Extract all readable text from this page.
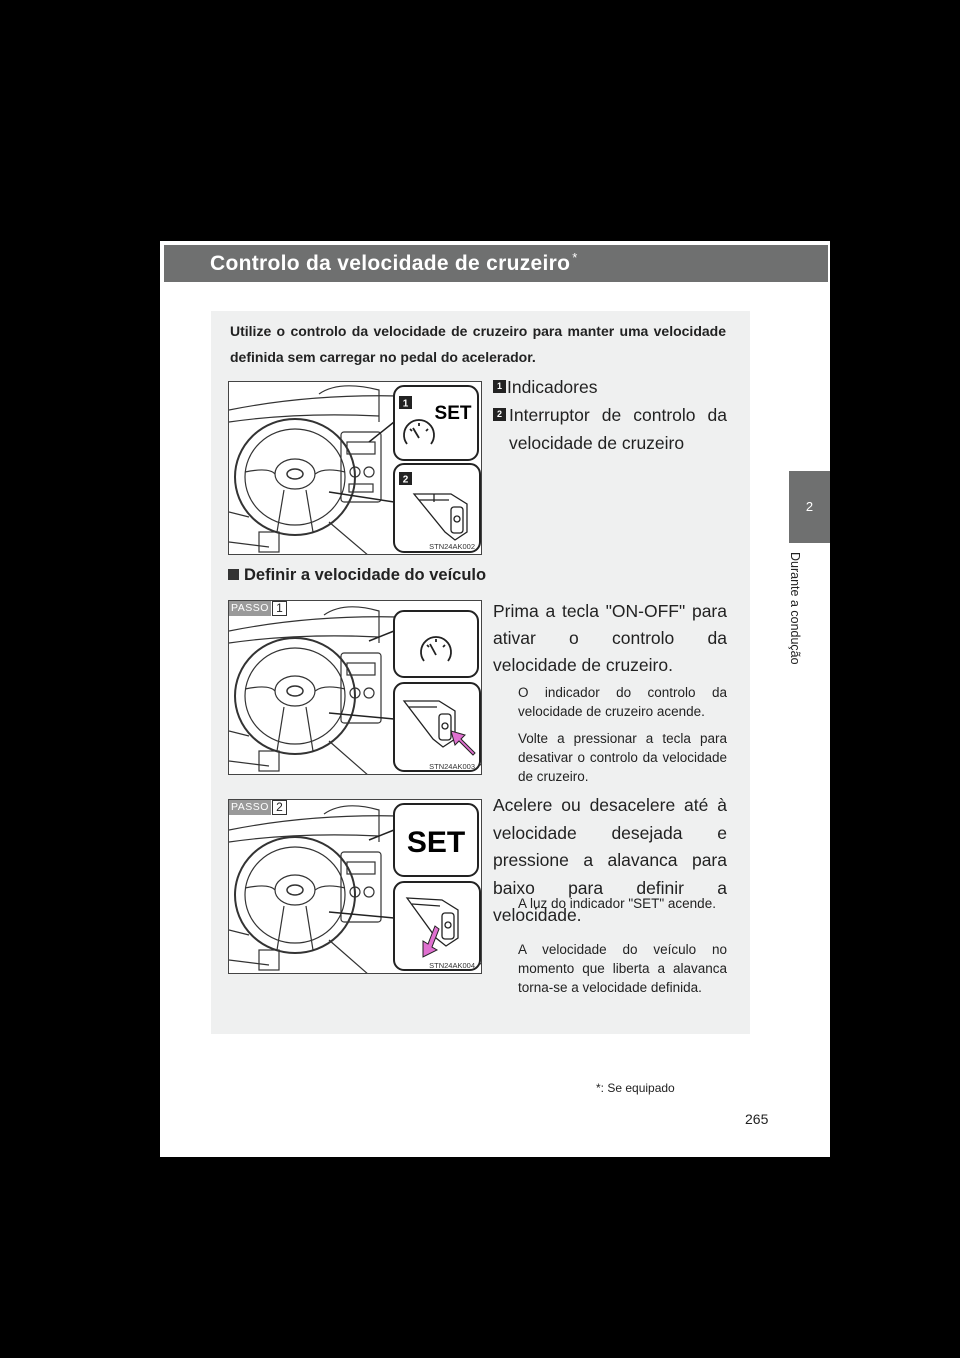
Controlo da velocidade de cruzeiro *
2
Durante a condução
Utilize o controlo da velocidade de cruzeiro para manter uma velocidade definida sem carregar no pedal do acelerador.
1 SET
2
STN24AK002
1 Indicadores
2 Interruptor de controlo da velocidade de cruzeiro
Definir a velocidade do veículo
PASSO 1
STN24AK003
Prima a tecla "ON-OFF" para ativar o controlo da velocidade de cruzeiro.
O indicador do controlo da velocidade de cruzeiro acende.
Volte a pressionar a tecla para desativar o controlo da velocidade de cruzeiro.
PASSO 2
SET
STN24AK004
Acelere ou desacelere até à velocidade desejada e pressione a alavanca para baixo para definir a velocidade.
A luz do indicador "SET" acende.
A velocidade do veículo no momento que liberta a alavanca torna-se a velocidade definida.
*: Se equipado
265
